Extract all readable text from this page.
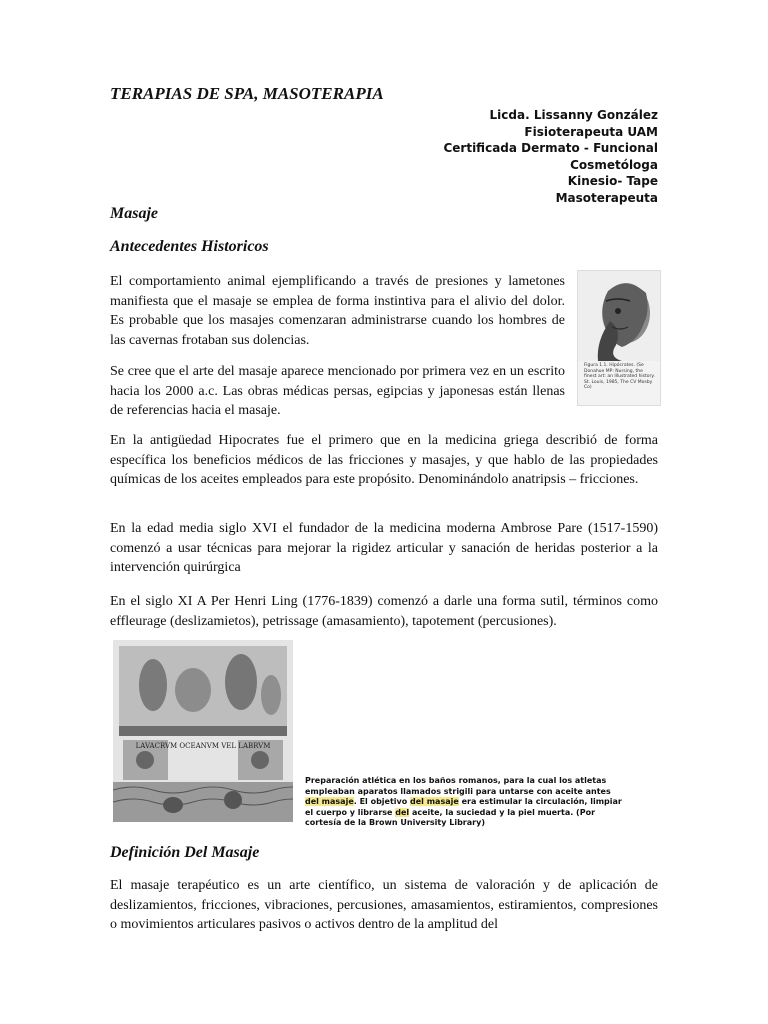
TERAPIAS DE SPA, MASOTERAPIA
Licda. Lissanny González
Fisioterapeuta UAM
Certificada Dermato - Funcional
Cosmetóloga
Kinesio- Tape
Masoterapeuta
Masaje
Antecedentes Historicos
El comportamiento animal ejemplificando a través de presiones y lametones manifiesta que el masaje se emplea de forma instintiva para el alivio del dolor. Es probable que los masajes comenzaran administrarse cuando los hombres de las cavernas frotaban sus dolencias.
Se cree que el arte del masaje aparece mencionado por primera vez en un escrito hacia los 2000 a.c. Las obras médicas persas, egipcias y japonesas están llenas de referencias hacia el masaje.
Figura 1.1. Hipócrates. (Se Donahue MP: Nursing, the finest art: an Illustrated history. St. Louis, 1985, The CV Mosby Co)
En la antigüedad Hipocrates fue el primero que en la medicina griega describió de forma específica los beneficios médicos de las fricciones y masajes, y que hablo de las propiedades químicas de los aceites empleados para este propósito. Denominándolo anatripsis – fricciones.
En la edad media siglo XVI el fundador de la medicina moderna Ambrose Pare (1517-1590) comenzó a usar técnicas para mejorar la rigidez articular y sanación de heridas posterior a la intervención quirúrgica
En el siglo XI A Per Henri Ling (1776-1839) comenzó a darle una forma sutil, términos como effleurage (deslizamietos), petrissage (amasamiento), tapotement (percusiones).
LAVACRVM OCEANVM VEL LABRVM
Preparación atlética en los baños romanos, para la cual los atletas empleaban aparatos llamados strigili para untarse con aceite antes del masaje. El objetivo del masaje era estimular la circulación, limpiar el cuerpo y librarse del aceite, la suciedad y la piel muerta. (Por cortesía de la Brown University Library)
Definición Del Masaje
El masaje terapéutico es un arte científico, un sistema de valoración y de aplicación de deslizamientos, fricciones, vibraciones, percusiones, amasamientos, estiramientos, compresiones o movimientos articulares pasivos o activos dentro de la amplitud del
